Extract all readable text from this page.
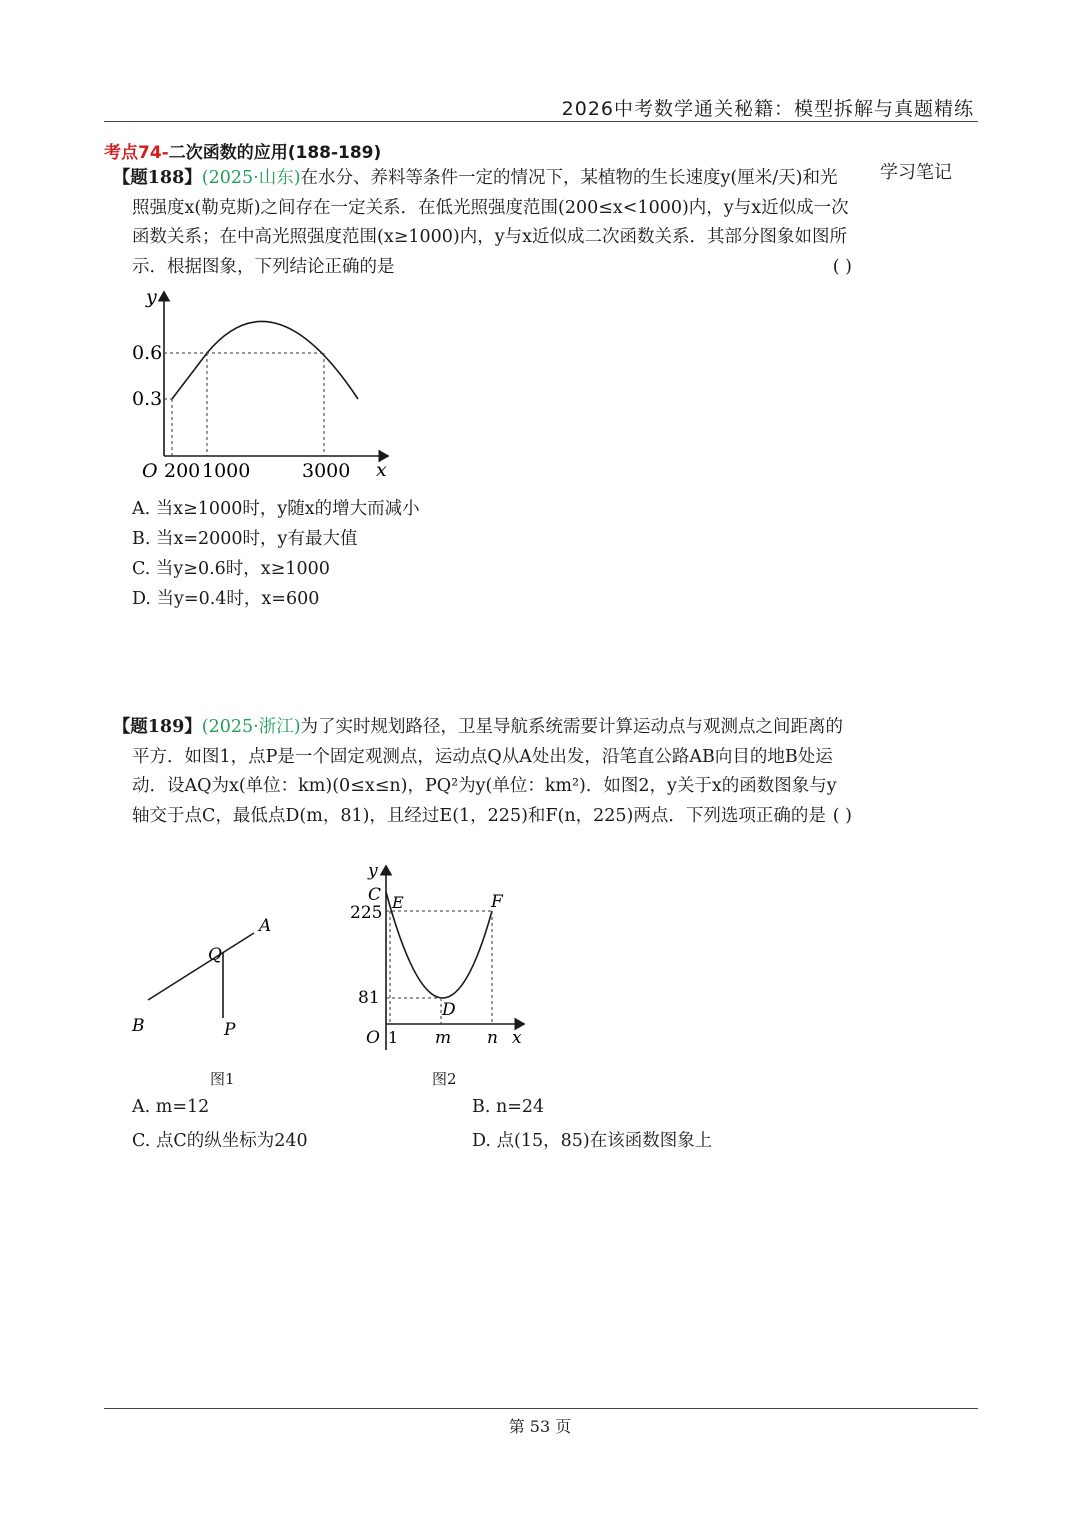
2026中考数学通关秘籍：模型拆解与真题精练
考点74-二次函数的应用(188-189)
学习笔记
【题188】(2025·山东)在水分、养料等条件一定的情况下，某植物的生长速度y(厘米/天)和光照强度x(勒克斯)之间存在一定关系．在低光照强度范围(200≤x<1000)内，y与x近似成一次函数关系；在中高光照强度范围(x≥1000)内，y与x近似成二次函数关系．其部分图象如图所示．根据图象，下列结论正确的是	( )
y
x
O
0.6
0.3
200 1000	3000
A. 当x≥1000时，y随x的增大而减小
B. 当x=2000时，y有最大值
C. 当y≥0.6时，x≥1000
D. 当y=0.4时，x=600
【题189】(2025·浙江)为了实时规划路径，卫星导航系统需要计算运动点与观测点之间距离的平方．如图1，点P是一个固定观测点，运动点Q从A处出发，沿笔直公路AB向目的地B处运动．设AQ为x(单位：km)(0≤x≤n)，PQ²为y(单位：km²)．如图2，y关于x的函数图象与y轴交于点C，最低点D(m，81)，且经过E(1，225)和F(n，225)两点．下列选项正确的是 ( )
A
B
Q
P
图1
y
x
O
C E	F
D
225
81
1 m n
图2
A. m=12	B. n=24
C. 点C的纵坐标为240	D. 点(15，85)在该函数图象上
第 53 页
